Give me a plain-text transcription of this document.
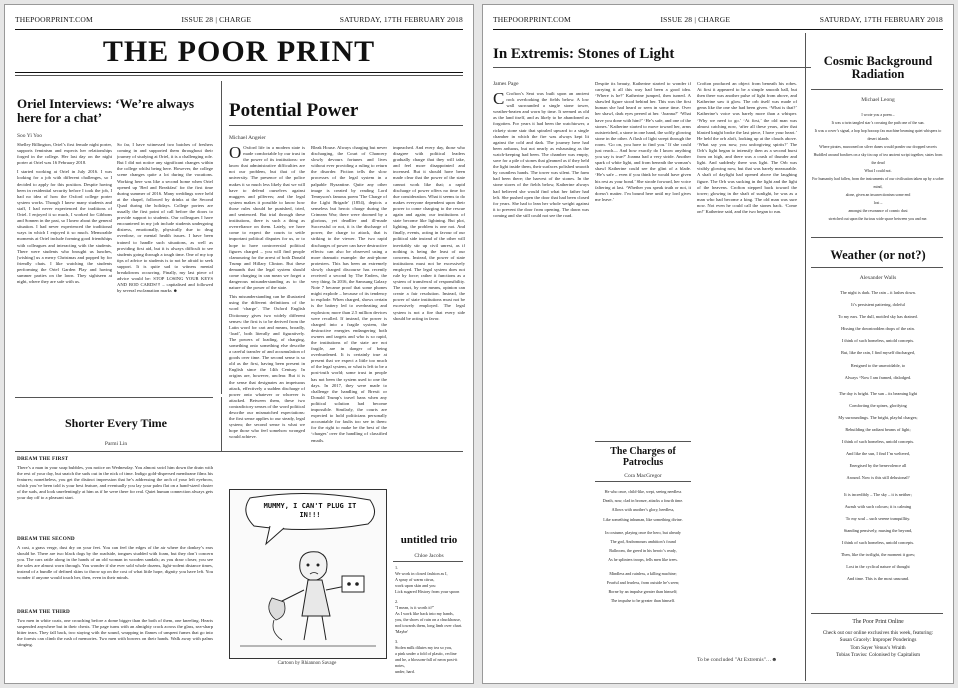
THEPOORPRINT.COM	ISSUE 28 | CHARGE	SATURDAY, 17TH FEBRUARY 2018
THE POOR PRINT
Oriel Interviews: ‘We’re always here for a chat’
Soo Yi Yoo

Shelley Billington, Oriel’s first female night porter, supports feminism and expects her relationships forged in the college. Her last day on the night porter at Oriel was 16 February 2018.

I started working at Oriel in July 2016. I was looking for a job with different challenges, so I decided to apply for this position. Despite having been in residential security before I took the job, I had no idea of how the Oxford college porter system works. Though I knew many students and staff, I had never experienced the traditions of Oriel. I enjoyed it so much, I worked for Gibbons and Sonnen in the past, so I knew about the general situation. I had never experienced the traditional ways in which I enjoyed it so much. Memorable moments at Oriel include forming good friendships with colleagues and interacting with the students. There were students who brought us lunches, [wishing] us a merry Christmas and popped by for friendly chats. I like watching the students performing the Oriel Garden Play and having summer parties on the lawn. They sightseen at night, where they are safe with us.

So far, I have witnessed two batches of freshers coming in and supported them throughout their journey of studying at Oriel, it is a challenging role. But I did not notice any significant changes within the college whilst being here. However, the college scene changes quite a lot during the vacations. Working here was like a second home when Oriel opened up 'Bed and Breakfast' for the first time during summer of 2016. Many weddings were held at the chapel, followed by drinks at the Second Quad during the holidays. College porters are usually the first point of call before the doors to provide support to students. Our colleagues I have encountered in my job include students undergoing distress, emotionally, physically due to drug overdose, or mental health issues. I have been trained to handle such situations, as well as providing first aid, but it is always difficult to see students going through a tough time. One of my top tips of advice to students is to not be afraid to seek support. It is quite sad to witness mental breakdowns occurring. Finally, my last piece of advice would be: STOP LOSING YOUR KEYS AND BOD CARDS!!! – capitalised and followed by several exclamation marks ☻

Shorter Every Time
Parmi Lin
DREAM THE FIRST

There’s a man in your soap bubbles, you notice on Wednesday. You almost swirl him down the drain with the rest of your day, but snatch the suds out in the nick of time. Indigo gold-dispersed membrane films his features; nonetheless, you get the distinct impression that he’s addressing the arch of your left eyebrow, which you’ve been told is your best feature, and eventually you lay your palm flat on a hand-sized cluster of the suds, and look unrelentingly at him as if he were there for real. Quiet human connection always gets your day off to a pleasant start.

DREAM THE SECOND

A cast, a grass verge, dust dry on your feet. You can feel the edges of the air where the donkey’s ears should be. There are two black dogs by the roadside, tongues studded with foam, but they don’t concern you. The cars rattle along in the hands of an old woman in wooden sandals; as you draw closer, you see the soles are almost worn through. You wonder if she ever sold whole dozens, light-rodent distance times, instead of a bundle of defined skins to throw up on the cost of what little hope, dignity you have left. You wonder if anyone would touch her, then, even in their minds.

DREAM THE THIRD

Two men in white coats, one crouching before a dome bigger than the both of them, one kneeling. Hearts suspended anywhere but in their chests. The page turns with an almighty crack across the glass, sea-sharp bitter tears. They fall back, two staying with the sound, wrapping in flames of unspent fumes that go into the forests can climb the rush of memories. Two men with bowers on their hands. Walk away with palms stinging.

Potential Power
Michael Angeier
O Oxford life in a modern state is made comfortable by our trust in the power of its institutions: we know that administrative difficulties are not our problem, but that of the university. The presence of the police makes it so much less likely that we will have to defend ourselves against muggers and pilferers; and the legal system makes it possible to know how those rules should be punished, tried, and sentenced. But trial through these institutions, there is such a thing as overreliance on them. Lately, we have come to expect the courts to settle important political disputes for us, or to hope to have controversial political figures charged – you will find people clamouring for the arrest of both Donald Trump and Hillary Clinton. But these demands that the legal system should come charging in can mean we forget a dangerous misunderstanding as to the nature of the power of the state.

This misunderstanding can be illustrated using the different definitions of the word ‘charge’. The Oxford English Dictionary gives two widely different senses: the first is to be derived from the Latin word for cart and means, broadly, ‘load’, both literally and figuratively. The powers of loading, of charging, something onto something else describe a careful transfer of and accumulation of goods over time. The second sense is so old as the first, having been present in English since the 14th Century. In origins are, however, unclear. But it is the sense that designates an impetuous attack, effectively a sudden discharge of power onto whatever or whoever is attacked. Between them, these two contradictory senses of the word political describe our mismatched expectations: the first sense applies to our steady, legal system; the second sense is what we hope those who feel somehow wronged would achieve.

Bleak House. Always charging but never discharging, the Court of Chancery slowly devours fortunes and lives without ever providing a ruling to return the disorder. Fiction tells the slow processes of the legal system in a palpable Byzantine. Quite any other image is created by reading Lord Tennyson's famous poem 'The Charge of the Light Brigade' (1854), depicts a senseless but heroic charge during the Crimean War; there were doomed by a glorious, yet deadlier and ill-made Successful or not, it is the discharge of power, the charge to attack, that is striking to the viewer. The two rapid discharges of power can have destructive effects: can also be observed using a more dramatic example: the anti-phone protesters. This has been an extremely slowly charged discourse has recently received a second by The Enders, the very thing. In 2016, the Samsung Galaxy Note 7 became proof that some phones might explode – because of its tendency to explode. When charged, shows certain is the battery led to overheating and explosion; more than 2.5 million devices were recalled. If instead, the power is charged into a fragile system, the destructive energies endangering both owners and targets and who is so rapid, the institutions of the state are not fragile, are in danger of being overburdened. It is certainly true at present that we expect a little too much of the legal system, or what is left to be a post-truth world; some trust in people has not been the system used to one the days. In 2017, they were made to challenge the handling of Brexit or Donald Trump's travel bans when any political solution had become impossible. Similarly, the courts are expected to hold politicians personally accountable for faults too see in them: for the right to make be the best of the ‘charges’ over the handling of classified emails.

impeached. And every day, those who disagree with political leaders gradually charge that they will take, and feel more disappointed and incensed. But it should have been made clear that the power of the state cannot work like that; a rapid discharge of power offers no time for due consideration. What it seems to do makes everyone dependent upon their power to come charging to the rescue again and again; our institutions of state become like lightning. But plot, lighting, the problem is one not. And finally, events, acting in favour of our political side instead of the other will inevitably stir up civil unrest, as if nothing is being the least of our concerns. Instead, the power of state institutions must not be excessively employed. The legal system does not rule by force; rather it functions as a system of transferral of responsibility. The court, by one means, opinion can create a fair resolution. Instead, the power of state institutions must not be excessively employed. The legal system is not a fire that every side should be acting in favor.

MUMMY, I CAN'T PLUG IT IN!!!
Cartoon by Rhiannon Savage
untitled trio
Chloe Jacobs
1.
We work in closed fashion as I,
A spray of warm citrus,
work upon skin and you
Lick sugared History from your spoon
2.
"I mean, is it worth it?"
As I work like back into my hands,
you, the shoes of rain on a chuckhouse,
nod towards them, long limb over chart.
'Maybe'
3.
Stolen milk dilutes my tea so you,
a pink under a fold of plastic, recline
and he, a blossom-fall of neon post-it notes,
under, hard.
THEPOORPRINT.COM	ISSUE 28 | CHARGE	SATURDAY, 17TH FEBRUARY 2018
In Extremis: Stones of Light
James Page
C Crofton’s Seat was built upon an ancient rock overlooking the fields below. A low wall surrounded a single stone tower, weather-beaten and worn by time. It seemed as old as the land itself, and as likely to be abandoned as forgotten. For years it had been the watchtower, a rickety stone stair that spiraled upward to a single chamber in which the fire was always kept lit against the cold and dark. The journey here had been arduous, but not nearly as exhausting as the watch-keeping had been. The chamber was empty, save for a pile of stones that gleamed as if they held the light inside them, their surfaces polished smooth by countless hands. The tower was silent. The farm had been there; the harvest of the stones. In the stone stores of the fields below, Katherine always had believed she would find what her father had left. She pushed open the door that had been closed for years. She had to lean her whole weight against it to prevent the door from opening. The dawn was coming and she still could not see the road.

Despite its beauty, Katherine started to wonder if carrying it all this way had been a good idea. ‘Where is he?’ Katherine jumped, then turned. A shawled figure stood behind her. This was the first human she had heard or seen in some time. Over her shawl, dark eyes peered at her. ‘Joanna?’ ‘What have you done with him?’ ‘He’s safe, and one of the stones.’ Katherine started to move toward her, arms outstretched, a stone in one hand, the softly glowing stone in the other. A flash of light swept through the room. ‘Go on, you have to find you.’ If she could just reach— And how exactly do I know anything you say is true?’ Joanna had a very stride. Another spark of white light, and from beneath the woman’s shawl Katherine could see the glint of a blade. ‘He’s safe – even if you think he would have given his rest as your bond.’ She strode forward, her voice faltering at last. ‘Whether you speak truth or not, it doesn’t matter. I’m bound here until my lord gives me leave.’

Crofton produced an object from beneath his robes. At first it appeared to be a simple smooth ball, but then there was another pulse of light from above, and Katherine saw it glow. The orb itself was made of gems like the one she had been given. ‘What is that?’ Katherine’s voice was barely more than a whisper. ‘Why we need to go.’ ‘At first,’ the old man was almost catching now, ‘after all these years, after that blasted knight broke the last piece, I have your heart.’ He held the orb aloft, looking up at the clouds above. ‘What say you now, you unforgiving spirits?’ The Orb’s light began to intensify then as a second burst from on high, and there was a crash of thunder and light. And suddenly there was light. The Orb was visibly glowing now, but that was barely measurable. A shaft of daylight had opened above the laughing figure. The Orb was sucking in the light and the light of the heavens. Crofton stepped back toward the tower; glowing in the shaft of sunlight, he was as a man who had become a king. The old man was sure now. Not even he could call the stones back. ‘Come on!’ Katherine said, and the two began to run.

To be concluded "At Extremis"…☻
The Charges of Patroclus
Cora MacGregor
He who once, child-like, wept, seeing needless
Death, now, clad in bronze, attacks a fourth time.
Allows with another’s glory, heedless,
Like something inhuman, like something divine.
In costume, playing once the hero, but already
The god, Andromouns ambition’s found
Ballroom, the greed in his heroic’s ready,
As he splinters troops, fells men like trees.
Mindless and ruinless, a killing machine;
Fearful and fearless, from outside he’s seen;
Borne by an impulse greater than himself;
The impulse to be greater than himself.
Cosmic Background Radiation
Michael Leong
I wrote you a poem –
It was a twin tangled star’s crossing the path one of the sun.
It was a cover’s signal, a hop hop hoooop fax machine beaming quiet whispers to desert islands
Where pirates, marooned on silver dunes would ponder our dropped secrets
Huddled around bonfires on a sky tin cup of tea ancient script together, states from the dead
What I could not.
For humanity had fallen, from the instruments of our civilisation taken up by a sober mind,
alone, given an insurrectionism some end
lost –
amongst the resonance of cosmic dust
stretched out upon the furious wide space between you and me.
Weather (or not?)
Alexander Walls
The night is dark. The rain – it lashes down.
It’s persistent pattering, doleful
To my ears. The dull, mottled sky has drained.
Hissing the downtrodden drops of the rain.
I think of such homeless, untold concepts.
But, like the rain, I find myself discharged,
Resigned to the unavoidable, to
Always “Now I am framed, dislodged.
The day is bright. The sun – its beaming light
Comforting the spines, glorifying
My surroundings. The bright, playful charges;
Rebuilding the radiant beams of light;
I think of such homeless, untold concepts.
And like the sun, I find I’m weltered,
Energised by the benevolence all
Around. Now is this still delusional?
It is incredibly – The sky – it is neither;
Awash with such colours; it is calming
To my soul – such serene tranquillity.
Standing pensively, musing the beyond,
I think of such homeless, untold concepts.
Then, like the twilight, the moment it goes;
Lost in the cyclical nature of thought
And time. This is the most unsound.
The Poor Print Online
Check out our online exclusives this week, featuring:
Susan Gracely: Improper Ponderings
Tom Sayer Venus’s Wraith
Tobias Traviss: Colonised by Capitalism
